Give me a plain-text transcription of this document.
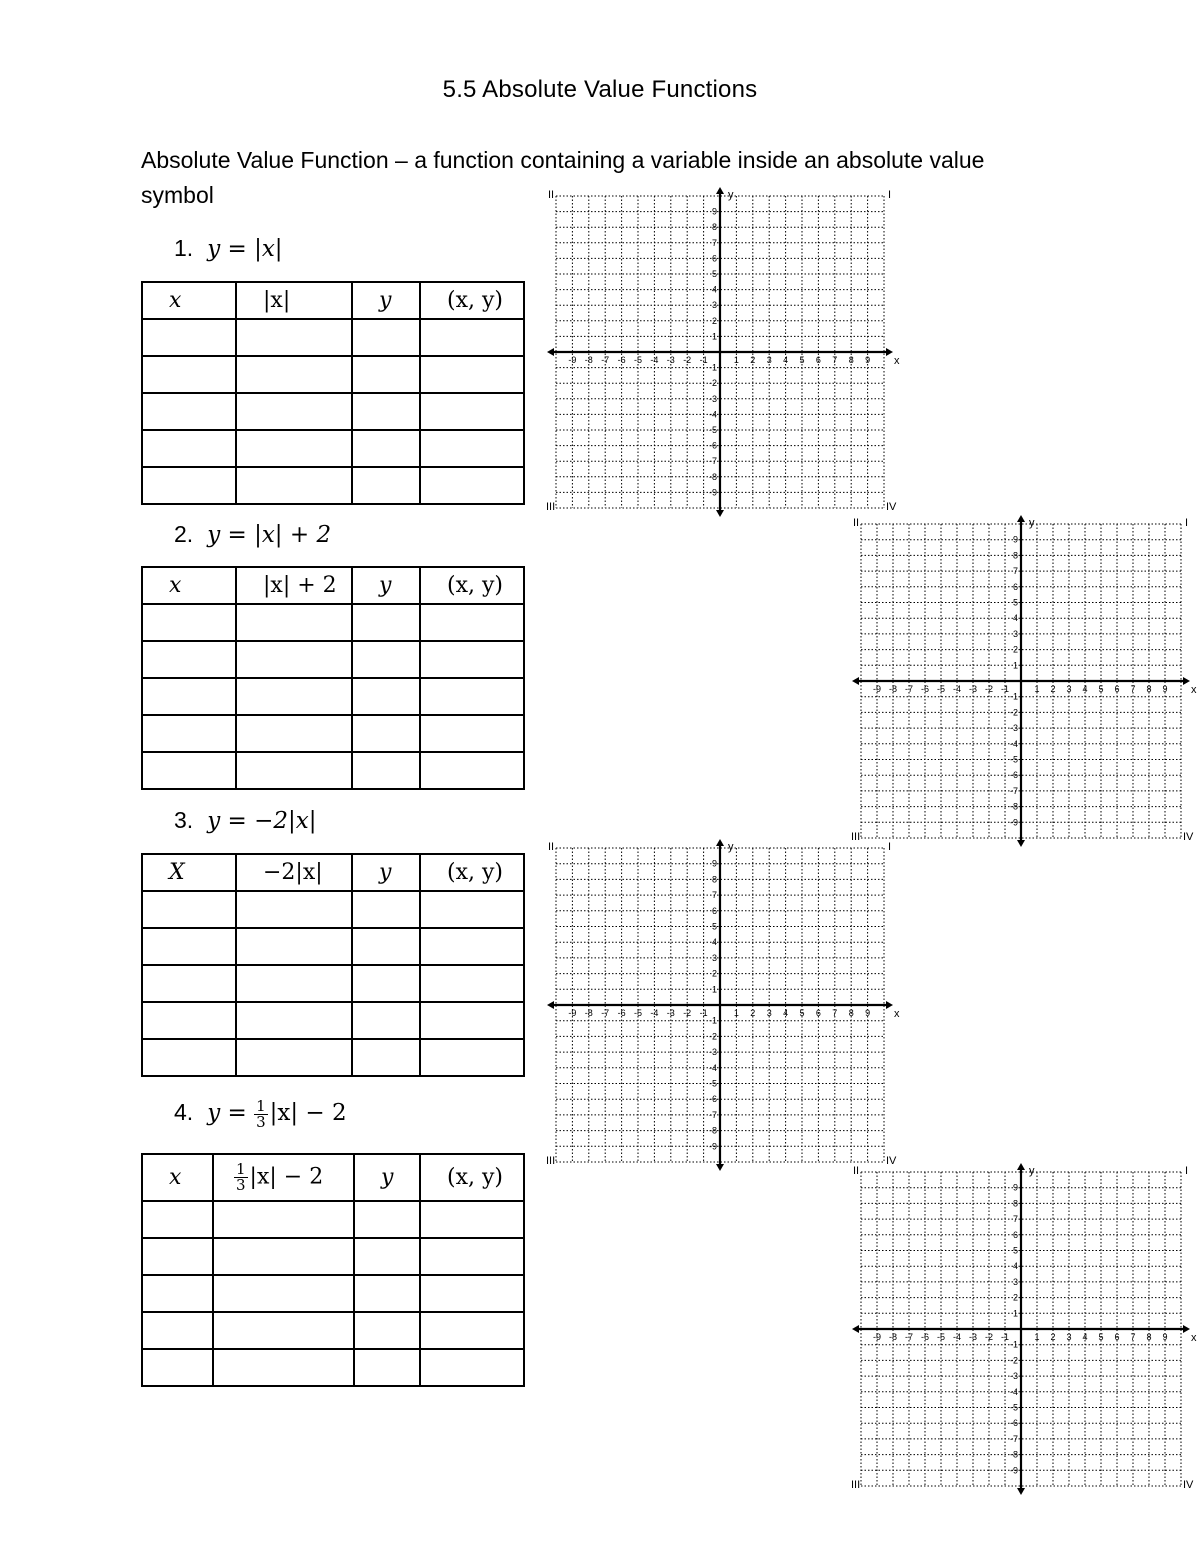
5.5 Absolute Value Functions
Absolute Value Function – a function containing a variable inside an absolute value symbol
1. y = |x|
x	|x|	y	(x, y)

2. y = |x| + 2
x	|x| + 2	y	(x, y)

3. y = −2|x|
X	−2|x|	y	(x, y)

4. $y = \frac{1}{3} |x| - 2$
x	$\frac{1}{3} |x| - 2$	y	(x, y)

-9 -8 -7 -6 -5 -4 -3 -2 -1	1 2 3 4 5 6 7 8 9
9
8
7
6
5
4
3
2
1
-1
-2
-3
-4
-5
-6
-7
-8
-9
x
y	I
II
III	IV
-9 -8 -7 -6 -5 -4 -3 -2 -1	1 2 3 4 5 6 7 8 9
9
8
7
6
5
4
3
2
1
-1
-2
-3
-4
-5
-6
-7
-8
-9
x
y	I
II
III	IV
-9 -8 -7 -6 -5 -4 -3 -2 -1	1 2 3 4 5 6 7 8 9
9
8
7
6
5
4
3
2
1
-1
-2
-3
-4
-5
-6
-7
-8
-9
x
y	I
II
III	IV
-9 -8 -7 -6 -5 -4 -3 -2 -1	1 2 3 4 5 6 7 8 9
9
8
7
6
5
4
3
2
1
-1
-2
-3
-4
-5
-6
-7
-8
-9
x
y	I
II
III	IV
